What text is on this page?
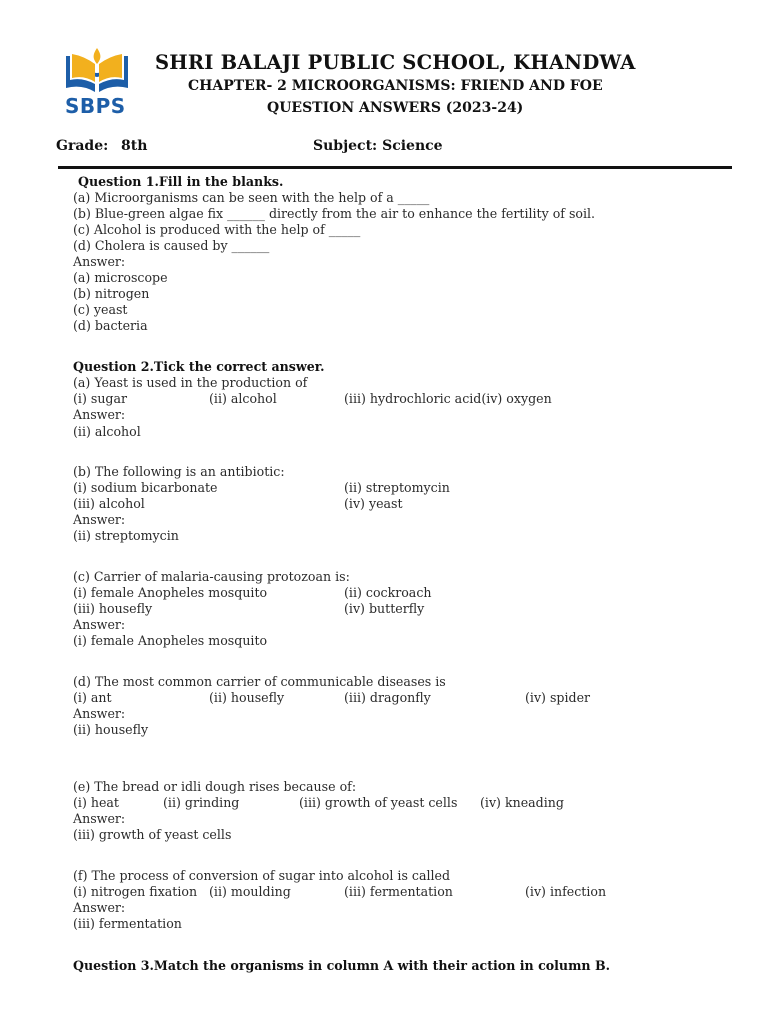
SBPS
SHRI BALAJI PUBLIC SCHOOL, KHANDWA
CHAPTER- 2 MICROORGANISMS: FRIEND AND FOE
QUESTION ANSWERS (2023-24)
Grade: 8th	Subject: Science
Question 1.Fill in the blanks.
(a) Microorganisms can be seen with the help of a _____
(b) Blue-green algae fix ______ directly from the air to enhance the fertility of soil.
(c) Alcohol is produced with the help of _____
(d) Cholera is caused by ______
Answer:
(a) microscope
(b) nitrogen
(c) yeast
(d) bacteria
Question 2.Tick the correct answer.
(a) Yeast is used in the production of
(i) sugar	(ii) alcohol	(iii) hydrochloric acid(iv) oxygen
Answer:
(ii) alcohol
(b) The following is an antibiotic:
(i) sodium bicarbonate	(ii) streptomycin
(iii) alcohol	(iv) yeast
Answer:
(ii) streptomycin
(c) Carrier of malaria-causing protozoan is:
(i) female Anopheles mosquito	(ii) cockroach
(iii) housefly	(iv) butterfly
Answer:
(i) female Anopheles mosquito
(d) The most common carrier of communicable diseases is
(i) ant	(ii) housefly	(iii) dragonfly	(iv) spider
Answer:
(ii) housefly
(e) The bread or idli dough rises because of:
(i) heat	(ii) grinding	(iii) growth of yeast cells (iv) kneading
Answer:
(iii) growth of yeast cells
(f) The process of conversion of sugar into alcohol is called
(i) nitrogen fixation (ii) moulding	(iii) fermentation	(iv) infection
Answer:
(iii) fermentation
Question 3.Match the organisms in column A with their action in column B.
